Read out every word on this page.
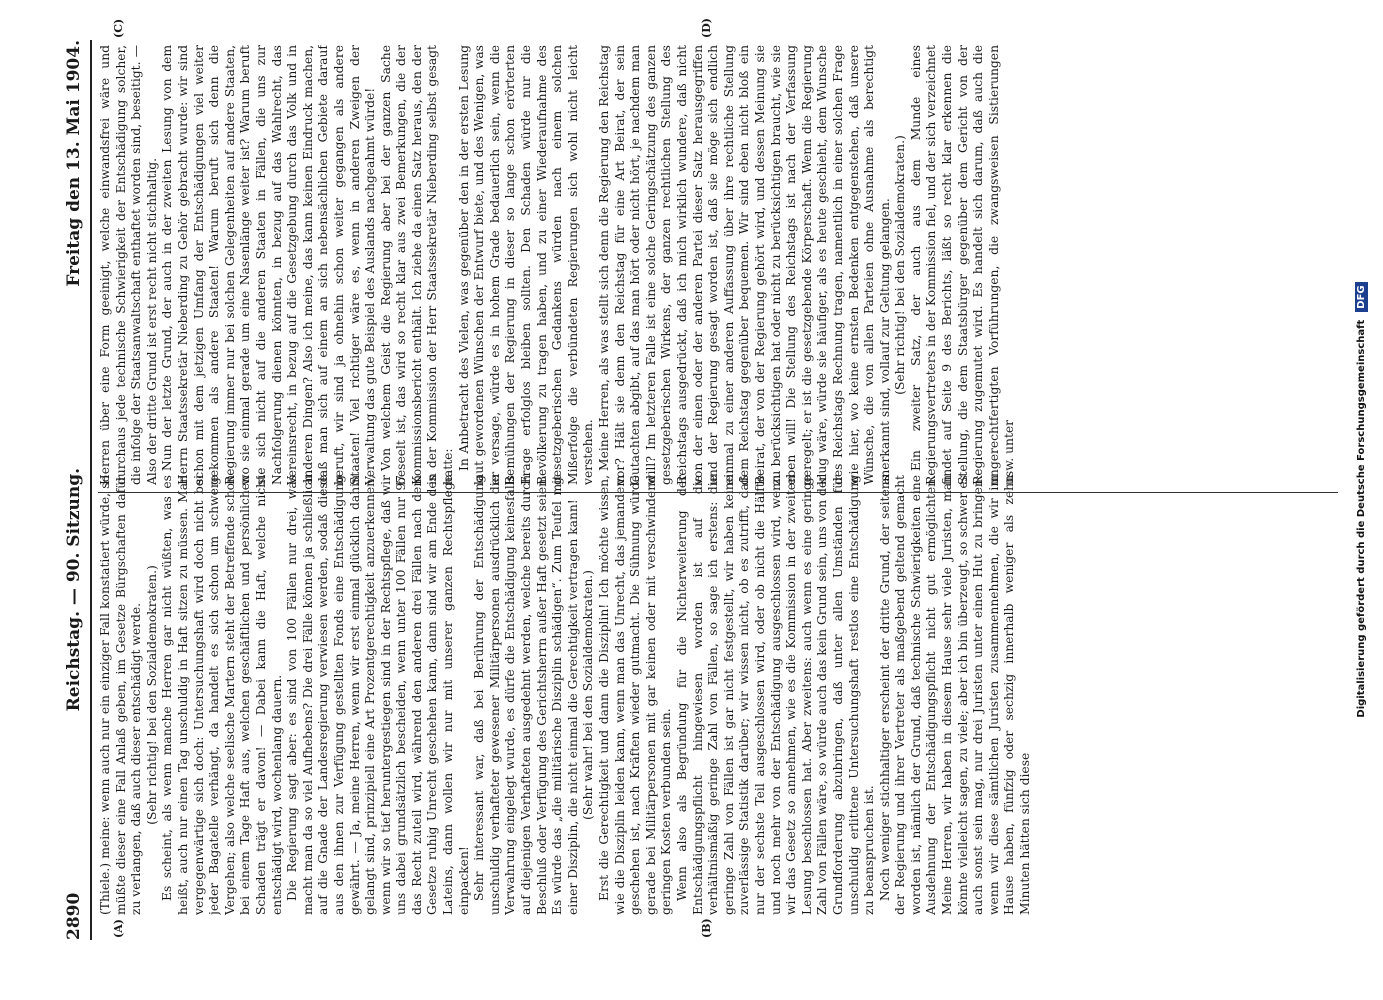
2890
Reichstag. — 90. Sitzung.
Freitag den 13. Mai 1904.
(A)	(B)
(C)	(D)

(Thiele.) meine: wenn auch nur ein einziger Fall konstatiert würde, so müßte dieser eine Fall Anlaß geben, im Gesetze Bürgschaften dafür zu verlangen, daß auch dieser entschädigt werde. (Sehr richtig! bei den Sozialdemokraten.) Es scheint, als wenn manche Herren gar nicht wüßten, was es heißt, auch nur einen Tag unschuldig in Haft sitzen zu müssen. Man vergegenwärtige sich doch: Untersuchungshaft wird doch nicht bei jeder Bagatelle verhängt, da handelt es sich schon um schwere Vergehen; also welche seelische Martern steht der Betreffende schon bei einem Tage Haft aus, welchen geschäftlichen und persönlichen Schaden trägt er davon! — Dabei kann die Haft, welche nicht entschädigt wird, wochenlang dauern. Die Regierung sagt aber: es sind von 100 Fällen nur drei, was macht man da so viel Aufhebens? Die drei Fälle können ja schließlich auf die Gnade der Landesregierung verwiesen werden, sodaß diese aus den ihnen zur Verfügung gestellten Fonds eine Entschädigung gewährt. — Ja, meine Herren, wenn wir erst einmal glücklich dahin gelangt sind, prinzipiell eine Art Prozentgerechtigkeit anzuerkennen, wenn wir so tief heruntergestiegen sind in der Rechtspflege, daß wir uns dabei grundsätzlich bescheiden, wenn unter 100 Fällen nur 97 das Recht zuteil wird, während den anderen drei Fällen nach dem Gesetze ruhig Unrecht geschehen kann, dann sind wir am Ende des Lateins, dann wollen wir nur mit unserer ganzen Rechtspflege einpacken! Sehr interessant war, daß bei Berührung der Entschädigung unschuldig verhafteter gewesener Militärpersonen ausdrücklich die Verwahrung eingelegt wurde, es dürfe die Entschädigung keinesfalls auf diejenigen Verhafteten ausgedehnt werden, welche bereits durch Beschluß oder Verfügung des Gerichtsherrn außer Haft gesetzt seien. Es würde das „die militärische Disziplin schädigen“. Zum Teufel mit einer Disziplin, die nicht einmal die Gerechtigkeit vertragen kann! (Sehr wahr! bei den Sozialdemokraten.) Erst die Gerechtigkeit und dann die Disziplin! Ich möchte wissen, wie die Disziplin leiden kann, wenn man das Unrecht, das jemandem geschehen ist, nach Kräften wieder gutmacht. Die Sühnung würde gerade bei Militärpersonen mit gar keinen oder mit verschwindend geringen Kosten verbunden sein. Wenn also als Begründung für die Nichterweiterung der Entschädigungspflicht hingewiesen worden ist auf die verhältnismäßig geringe Zahl von Fällen, so sage ich erstens: die geringe Zahl von Fällen ist gar nicht festgestellt, wir haben keine zuverlässige Statistik darüber; wir wissen nicht, ob es zutrifft, daß nur der sechste Teil ausgeschlossen wird, oder ob nicht die Hälfte und noch mehr von der Entschädigung ausgeschlossen wird, wenn wir das Gesetz so annehmen, wie es die Kommission in der zweiten Lesung beschlossen hat. Aber zweitens: auch wenn es eine geringe Zahl von Fällen wäre, so würde auch das kein Grund sein, uns von der Grundforderung abzubringen, daß unter allen Umständen für unschuldig erlittene Untersuchungshaft restlos eine Entschädigung zu beanspruchen ist. Noch weniger stichhaltiger erscheint der dritte Grund, der seitens der Regierung und ihrer Vertreter als maßgebend geltend gemacht worden ist, nämlich der Grund, daß technische Schwierigkeiten eine Ausdehnung der Entschädigungspflicht nicht gut ermöglichten. Meine Herren, wir haben in diesem Hause sehr viele Juristen, man könnte vielleicht sagen, zu viele; aber ich bin überzeugt, so schwer es auch sonst sein mag, nur drei Juristen unter einen Hut zu bringen: wenn wir diese sämtlichen Juristen zusammennehmen, die wir im Hause haben, fünfzig oder sechzig innerhalb weniger als zehn Minuten hätten sich diese

Herren über eine Form geeinigt, welche einwandsfrei wäre und durchaus jede technische Schwierigkeit der Entschädigung solcher, die infolge der Staatsanwaltschaft enthaftet worden sind, beseitigt. — Also der dritte Grund ist erst recht nicht stichhaltig. Nun der letzte Grund, der auch in der zweiten Lesung von dem Herrn Staatssekretär Nieberding zu Gehör gebracht wurde: wir sind schon mit dem jetzigen Umfang der Entschädigungen viel weiter gekommen als andere Staaten! Warum beruft sich denn die Regierung immer nur bei solchen Gelegenheiten auf andere Staaten, wo sie einmal gerade um eine Nasenlänge weiter ist? Warum beruft sie sich nicht auf die anderen Staaten in Fällen, die uns zur Nachfolgerung dienen könnten, in bezug auf das Wahlrecht, das Vereinsrecht, in bezug auf die Gesetzgebung durch das Volk und in anderen Dingen? Also ich meine, das kann keinen Eindruck machen, daß man sich auf einem an sich nebensächlichen Gebiete darauf beruft, wir sind ja ohnehin schon weiter gegangen als andere Staaten! Viel richtiger wäre es, wenn in anderen Zweigen der Verwaltung das gute Beispiel des Auslands nachgeahmt würde! Von welchem Geist die Regierung aber bei der ganzen Sache beseelt ist, das wird so recht klar aus zwei Bemerkungen, die der Kommissionsbericht enthält. Ich ziehe da einen Satz heraus, den der in der Kommission der Herr Staatssekretär Nieberding selbst gesagt hatte: In Anbetracht des Vielen, was gegenüber den in der ersten Lesung laut gewordenen Wünschen der Entwurf biete, und des Wenigen, was er versage, würde es in hohem Grade bedauerlich sein, wenn die Bemühungen der Regierung in dieser so lange schon erörterten Frage erfolglos bleiben sollten. Den Schaden würde nur die Bevölkerung zu tragen haben, und zu einer Wiederaufnahme des gesetzgeberischen Gedankens würden nach einem solchen Mißerfolge die verbündeten Regierungen sich wohl nicht leicht verstehen. Meine Herren, als was stellt sich denn die Regierung den Reichstag vor? Hält sie denn den Reichstag für eine Art Beirat, der sein Gutachten abgibt, auf das man hört oder nicht hört, je nachdem man will? Im letzteren Falle ist eine solche Geringschätzung des ganzen gesetzgeberischen Wirkens, der ganzen rechtlichen Stellung des Reichstags ausgedrückt, daß ich mich wirklich wundere, daß nicht von der einen oder der anderen Partei dieser Satz herausgegriffen und der Regierung gesagt worden ist, daß sie möge sich endlich einmal zu einer anderen Auffassung über ihre rechtliche Stellung dem Reichstag gegenüber bequemen. Wir sind eben nicht bloß ein Beirat, der von der Regierung gehört wird, und dessen Meinung sie zu berücksichtigen hat oder nicht zu berücksichtigen braucht, wie sie eben will! Die Stellung des Reichstags ist nach der Verfassung geregelt; er ist die gesetzgebende Körperschaft. Wenn die Regierung klug wäre, würde sie häufiger, als es heute geschieht, dem Wunsche des Reichstags Rechnung tragen, namentlich in einer solchen Frage wie hier, wo keine ernsten Bedenken entgegenstehen, daß unsere Wünsche, die von allen Parteien ohne Ausnahme als berechtigt anerkannt sind, vollauf zur Geltung gelangen. (Sehr richtig! bei den Sozialdemokraten.) Ein zweiter Satz, der auch aus dem Munde eines Regierungsvertreters in der Kommission fiel, und der sich verzeichnet findet auf Seite 9 des Berichts, läßt so recht klar erkennen die Stellung, die dem Staatsbürger gegenüber dem Gericht von der Regierung zugemutet wird. Es handelt sich darum, daß auch die ungerechtfertigten Vorführungen, die zwangsweisen Sistierungen usw. unter	Digitalisierung gefördert durch die Deutsche Forschungsgemeinschaft
DFG
